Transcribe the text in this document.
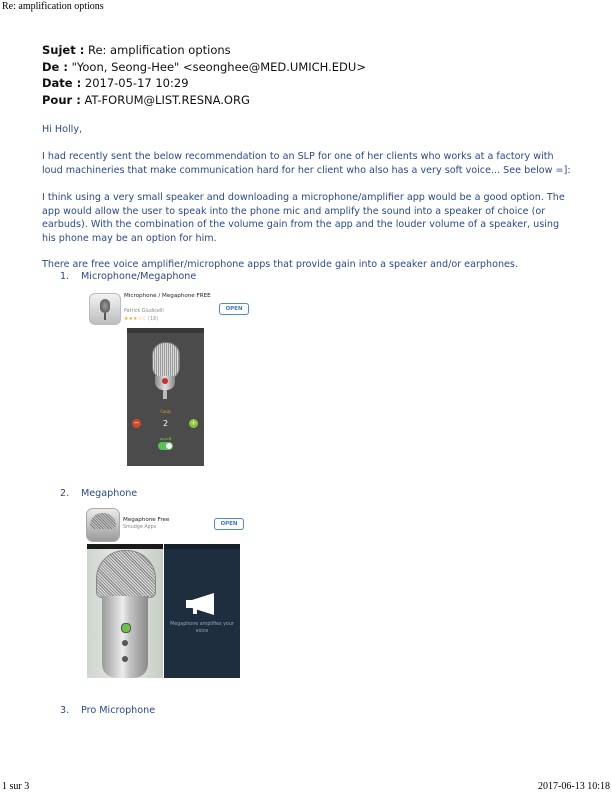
Re: amplification options
Sujet : Re: amplification options
De : "Yoon, Seong-Hee" <seonghee@MED.UMICH.EDU>
Date : 2017-05-17 10:29
Pour : AT-FORUM@LIST.RESNA.ORG
Hi Holly,
I had recently sent the below recommendation to an SLP for one of her clients who works at a factory with loud machineries that make communication hard for her client who also has a very soft voice... See below =]:
I think using a very small speaker and downloading a microphone/amplifier app would be a good option. The app would allow the user to speak into the phone mic and amplify the sound into a speaker of choice (or earbuds). With the combination of the volume gain from the app and the louder volume of a speaker, using his phone may be an option for him.
There are free voice amplifier/microphone apps that provide gain into a speaker and/or earphones.
1. Microphone/Megaphone
Microphone / Megaphone FREE
Patrick Giudicelli
★★★☆☆ (18)
OPEN
Gain
−	2	+
on/off
2. Megaphone
Megaphone Free
Smudge Apps
OPEN
Megaphone amplifies your voice
3. Pro Microphone
1 sur 3	2017-06-13 10:18
